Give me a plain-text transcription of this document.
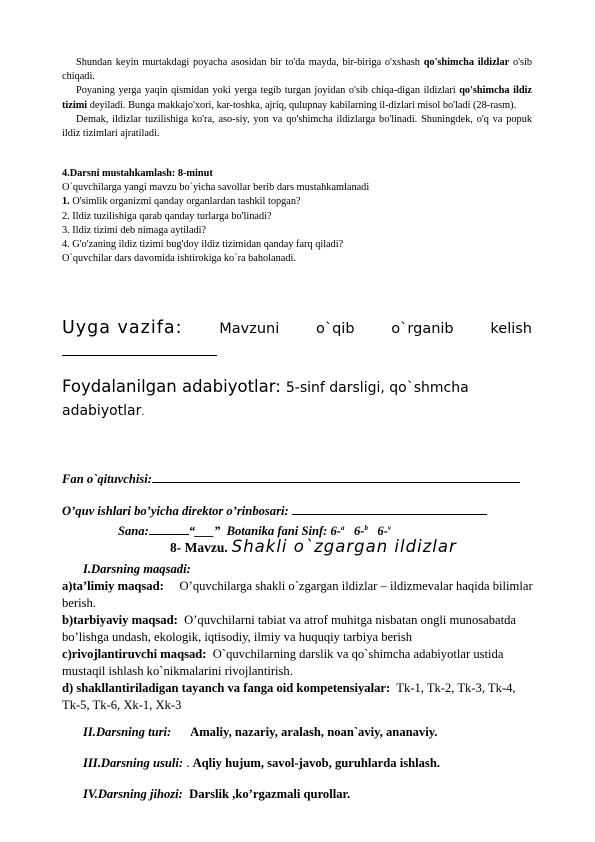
Shundan keyin murtakdagi poyacha asosidan bir to'da mayda, bir-biriga o'xshash qo'shimcha ildizlar o'sib chiqadi.
Poyaning yerga yaqin qismidan yoki yerga tegib turgan joyidan o'sib chiqa-digan ildizlari qo'shimcha ildiz tizimi deyiladi. Bunga makkajo'xori, kar-toshka, ajriq, qulupnay kabilarning il-dizlari misol bo'ladi (28-rasm).
Demak, ildizlar tuzilishiga ko'ra, aso-siy, yon va qo'shimcha ildizlarga bo'linadi. Shuningdek, o'q va popuk ildiz tizimlari ajratiladi.
4.Darsni mustahkamlash: 8-minut
O`quvchilarga yangi mavzu bo`yicha savollar berib dars mustahkamlanadi
1. O'simlik organizmi qanday organlardan tashkil topgan?
2. Ildiz tuzilishiga qarab qanday turlarga bo'linadi?
3. Ildiz tizimi deb nimaga aytiladi?
4. G'o'zaning ildiz tizimi bug'doy ildiz tizimidan qanday farq qiladi?
O`quvchilar dars davomida ishtirokiga ko`ra baholanadi.
Uyga vazifa:	Mavzuni	o`qib	o`rganib	kelish
Foydalanilgan adabiyotlar: 5-sinf darsligi, qo`shmcha
adabiyotlar.
Fan o`qituvchisi:
O’quv ishlari bo’yicha direktor o’rinbosari:
Sana:	“___” Botanika fani Sinf: 6-$^a$ 6-$^b$ 6-$^v$
8- Mavzu. Shakli o`zgargan ildizlar
I.Darsning maqsadi:
a)ta’limiy maqsad: O’quvchilarga shakli o`zgargan ildizlar – ildizmevalar haqida bilimlar berish.
b)tarbiyaviy maqsad: O’quvchilarni tabiat va atrof muhitga nisbatan ongli munosabatda bo’lishga undash, ekologik, iqtisodiy, ilmiy va huquqiy tarbiya berish
c)rivojlantiruvchi maqsad: O`quvchilarning darslik va qo`shimcha adabiyotlar ustida mustaqil ishlash ko`nikmalarini rivojlantirish.
d) shakllantiriladigan tayanch va fanga oid kompetensiyalar: Tk-1, Tk-2, Tk-3, Tk-4, Tk-5, Tk-6, Xk-1, Xk-3
II.Darsning turi: Amaliy, nazariy, aralash, noan`aviy, ananaviy.
III.Darsning usuli: . Aqliy hujum, savol-javob, guruhlarda ishlash.
IV.Darsning jihozi: Darslik ,ko’rgazmali qurollar.
